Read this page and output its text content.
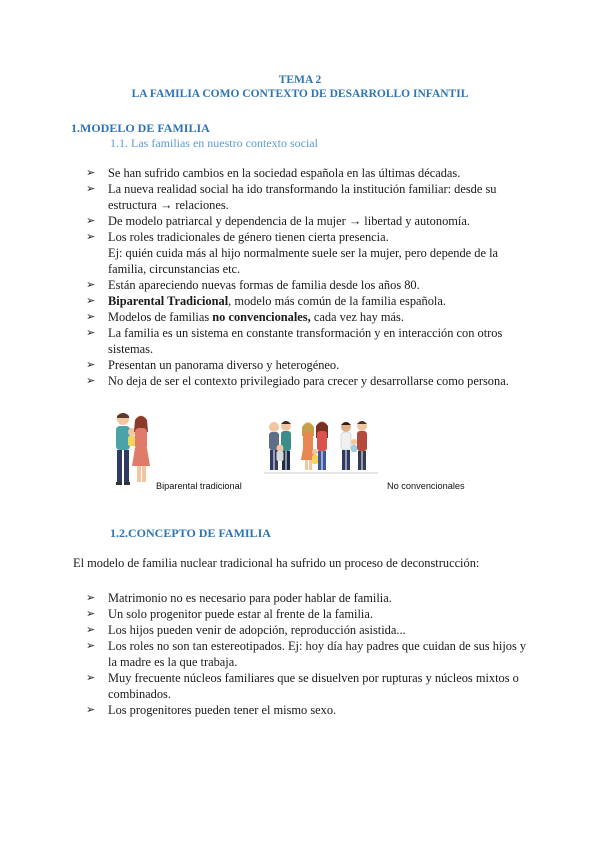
TEMA 2
LA FAMILIA COMO CONTEXTO DE DESARROLLO INFANTIL
1.MODELO DE FAMILIA
1.1. Las familias en nuestro contexto social
➢ Se han sufrido cambios en la sociedad española en las últimas décadas.
➢ La nueva realidad social ha ido transformando la institución familiar: desde su estructura → relaciones.
➢ De modelo patriarcal y dependencia de la mujer → libertad y autonomía.
➢ Los roles tradicionales de género tienen cierta presencia.
Ej: quién cuida más al hijo normalmente suele ser la mujer, pero depende de la familia, circunstancias etc.
➢ Están apareciendo nuevas formas de familia desde los años 80.
➢ Biparental Tradicional, modelo más común de la familia española.
➢ Modelos de familias no convencionales, cada vez hay más.
➢ La familia es un sistema en constante transformación y en interacción con otros sistemas.
➢ Presentan un panorama diverso y heterogéneo.
➢ No deja de ser el contexto privilegiado para crecer y desarrollarse como persona.
Biparental tradicional	No convencionales
1.2.CONCEPTO DE FAMILIA
El modelo de familia nuclear tradicional ha sufrido un proceso de deconstrucción:
➢ Matrimonio no es necesario para poder hablar de familia.
➢ Un solo progenitor puede estar al frente de la familia.
➢ Los hijos pueden venir de adopción, reproducción asistida...
➢ Los roles no son tan estereotipados. Ej: hoy día hay padres que cuidan de sus hijos y la madre es la que trabaja.
➢ Muy frecuente núcleos familiares que se disuelven por rupturas y núcleos mixtos o combinados.
➢ Los progenitores pueden tener el mismo sexo.
